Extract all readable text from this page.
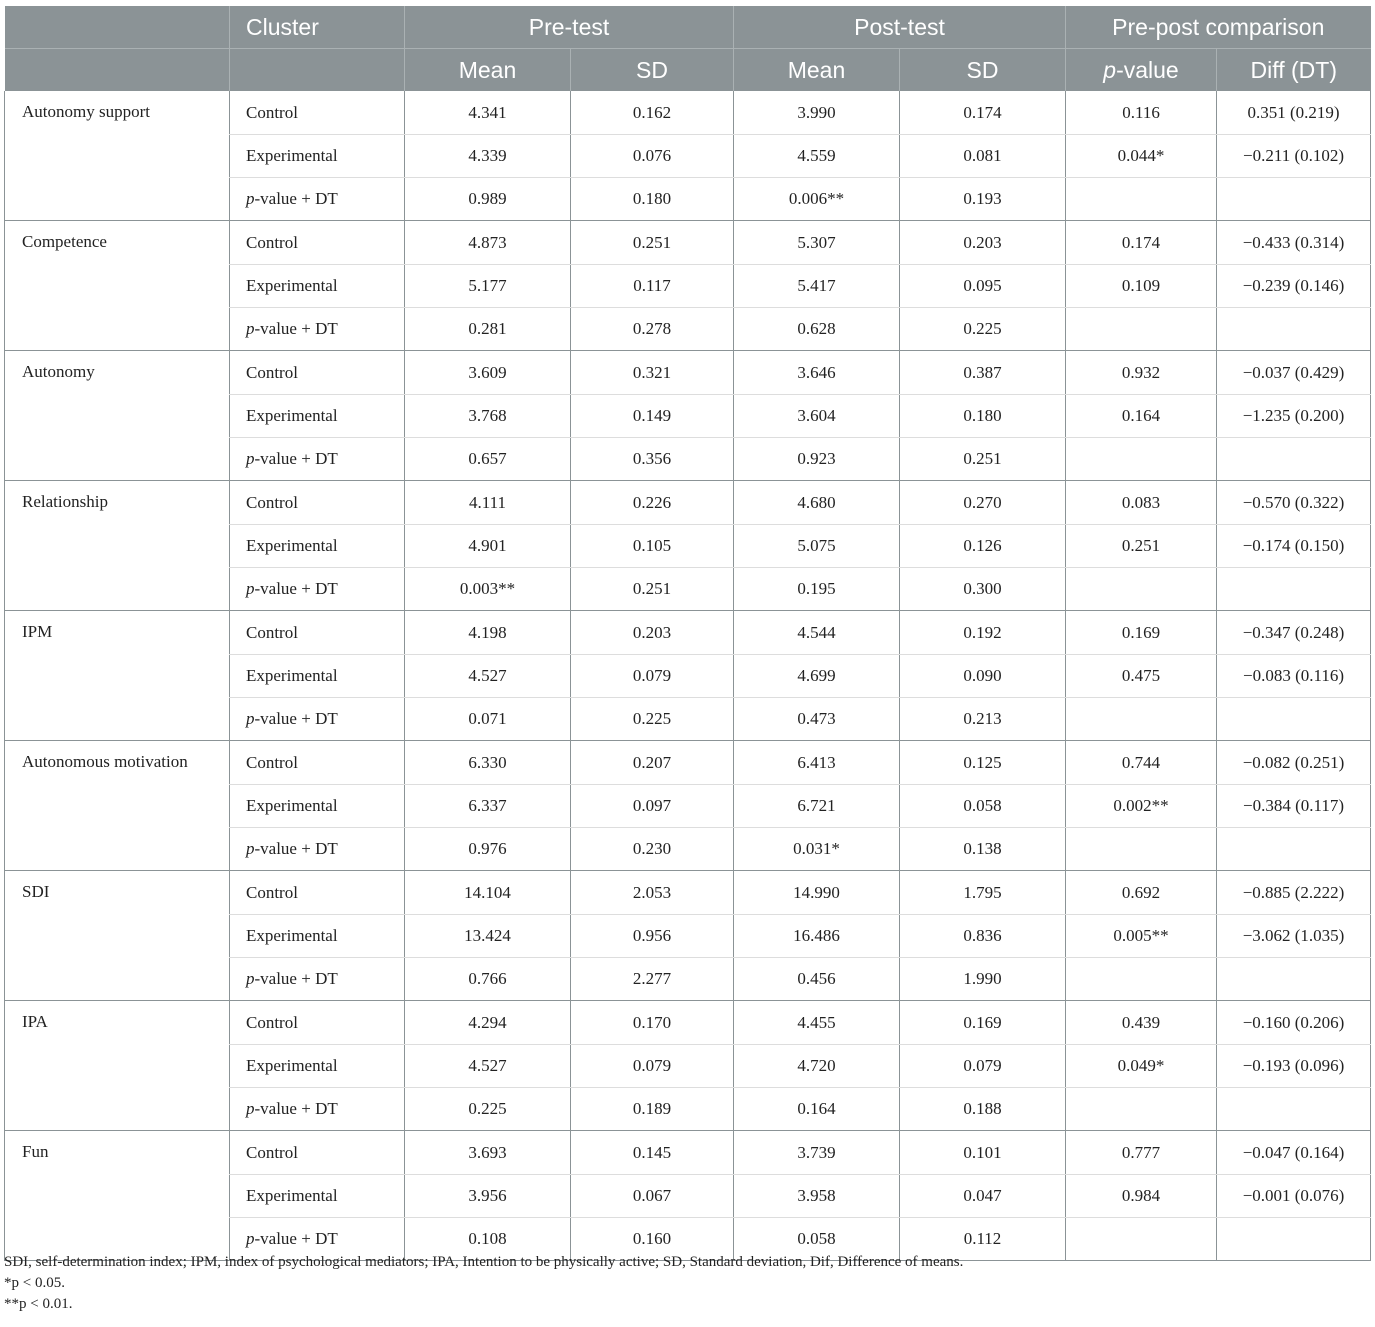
	Cluster	Pre-test		Post-test		Pre-post comparison	
		Mean	SD	Mean	SD	p-value	Diff (DT)
Autonomy support	Control	4.341	0.162	3.990	0.174	0.116	0.351 (0.219)
	Experimental	4.339	0.076	4.559	0.081	0.044*	−0.211 (0.102)
	p-value + DT	0.989	0.180	0.006**	0.193		
Competence	Control	4.873	0.251	5.307	0.203	0.174	−0.433 (0.314)
	Experimental	5.177	0.117	5.417	0.095	0.109	−0.239 (0.146)
	p-value + DT	0.281	0.278	0.628	0.225		
Autonomy	Control	3.609	0.321	3.646	0.387	0.932	−0.037 (0.429)
	Experimental	3.768	0.149	3.604	0.180	0.164	−1.235 (0.200)
	p-value + DT	0.657	0.356	0.923	0.251		
Relationship	Control	4.111	0.226	4.680	0.270	0.083	−0.570 (0.322)
	Experimental	4.901	0.105	5.075	0.126	0.251	−0.174 (0.150)
	p-value + DT	0.003**	0.251	0.195	0.300		
IPM	Control	4.198	0.203	4.544	0.192	0.169	−0.347 (0.248)
	Experimental	4.527	0.079	4.699	0.090	0.475	−0.083 (0.116)
	p-value + DT	0.071	0.225	0.473	0.213		
Autonomous motivation	Control	6.330	0.207	6.413	0.125	0.744	−0.082 (0.251)
	Experimental	6.337	0.097	6.721	0.058	0.002**	−0.384 (0.117)
	p-value + DT	0.976	0.230	0.031*	0.138		
SDI	Control	14.104	2.053	14.990	1.795	0.692	−0.885 (2.222)
	Experimental	13.424	0.956	16.486	0.836	0.005**	−3.062 (1.035)
	p-value + DT	0.766	2.277	0.456	1.990		
IPA	Control	4.294	0.170	4.455	0.169	0.439	−0.160 (0.206)
	Experimental	4.527	0.079	4.720	0.079	0.049*	−0.193 (0.096)
	p-value + DT	0.225	0.189	0.164	0.188		
Fun	Control	3.693	0.145	3.739	0.101	0.777	−0.047 (0.164)
	Experimental	3.956	0.067	3.958	0.047	0.984	−0.001 (0.076)
	p-value + DT	0.108	0.160	0.058	0.112		
SDI, self-determination index; IPM, index of psychological mediators; IPA, Intention to be physically active; SD, Standard deviation, Dif, Difference of means.
*p < 0.05.
**p < 0.01.
